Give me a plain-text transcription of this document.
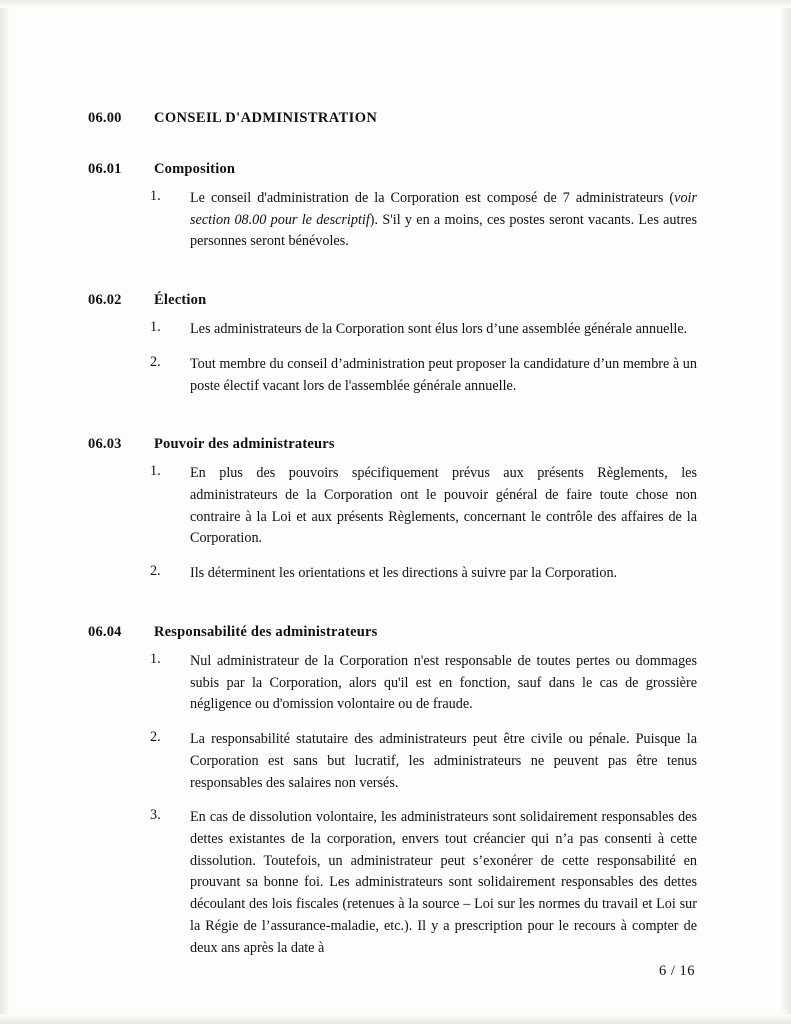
06.00	CONSEIL D'ADMINISTRATION
06.01	Composition
1.	Le conseil d'administration de la Corporation est composé de 7 administrateurs (voir section 08.00 pour le descriptif). S'il y en a moins, ces postes seront vacants. Les autres personnes seront bénévoles.
06.02	Élection
1.	Les administrateurs de la Corporation sont élus lors d’une assemblée générale annuelle.
2.	Tout membre du conseil d’administration peut proposer la candidature d’un membre à un poste électif vacant lors de l'assemblée générale annuelle.
06.03	Pouvoir des administrateurs
1.	En plus des pouvoirs spécifiquement prévus aux présents Règlements, les administrateurs de la Corporation ont le pouvoir général de faire toute chose non contraire à la Loi et aux présents Règlements, concernant le contrôle des affaires de la Corporation.
2.	Ils déterminent les orientations et les directions à suivre par la Corporation.
06.04	Responsabilité des administrateurs
1.	Nul administrateur de la Corporation n'est responsable de toutes pertes ou dommages subis par la Corporation, alors qu'il est en fonction, sauf dans le cas de grossière négligence ou d'omission volontaire ou de fraude.
2.	La responsabilité statutaire des administrateurs peut être civile ou pénale. Puisque la Corporation est sans but lucratif, les administrateurs ne peuvent pas être tenus responsables des salaires non versés.
3.	En cas de dissolution volontaire, les administrateurs sont solidairement responsables des dettes existantes de la corporation, envers tout créancier qui n’a pas consenti à cette dissolution. Toutefois, un administrateur peut s’exonérer de cette responsabilité en prouvant sa bonne foi. Les administrateurs sont solidairement responsables des dettes découlant des lois fiscales (retenues à la source – Loi sur les normes du travail et Loi sur la Régie de l’assurance-maladie, etc.). Il y a prescription pour le recours à compter de deux ans après la date à
6 / 16
